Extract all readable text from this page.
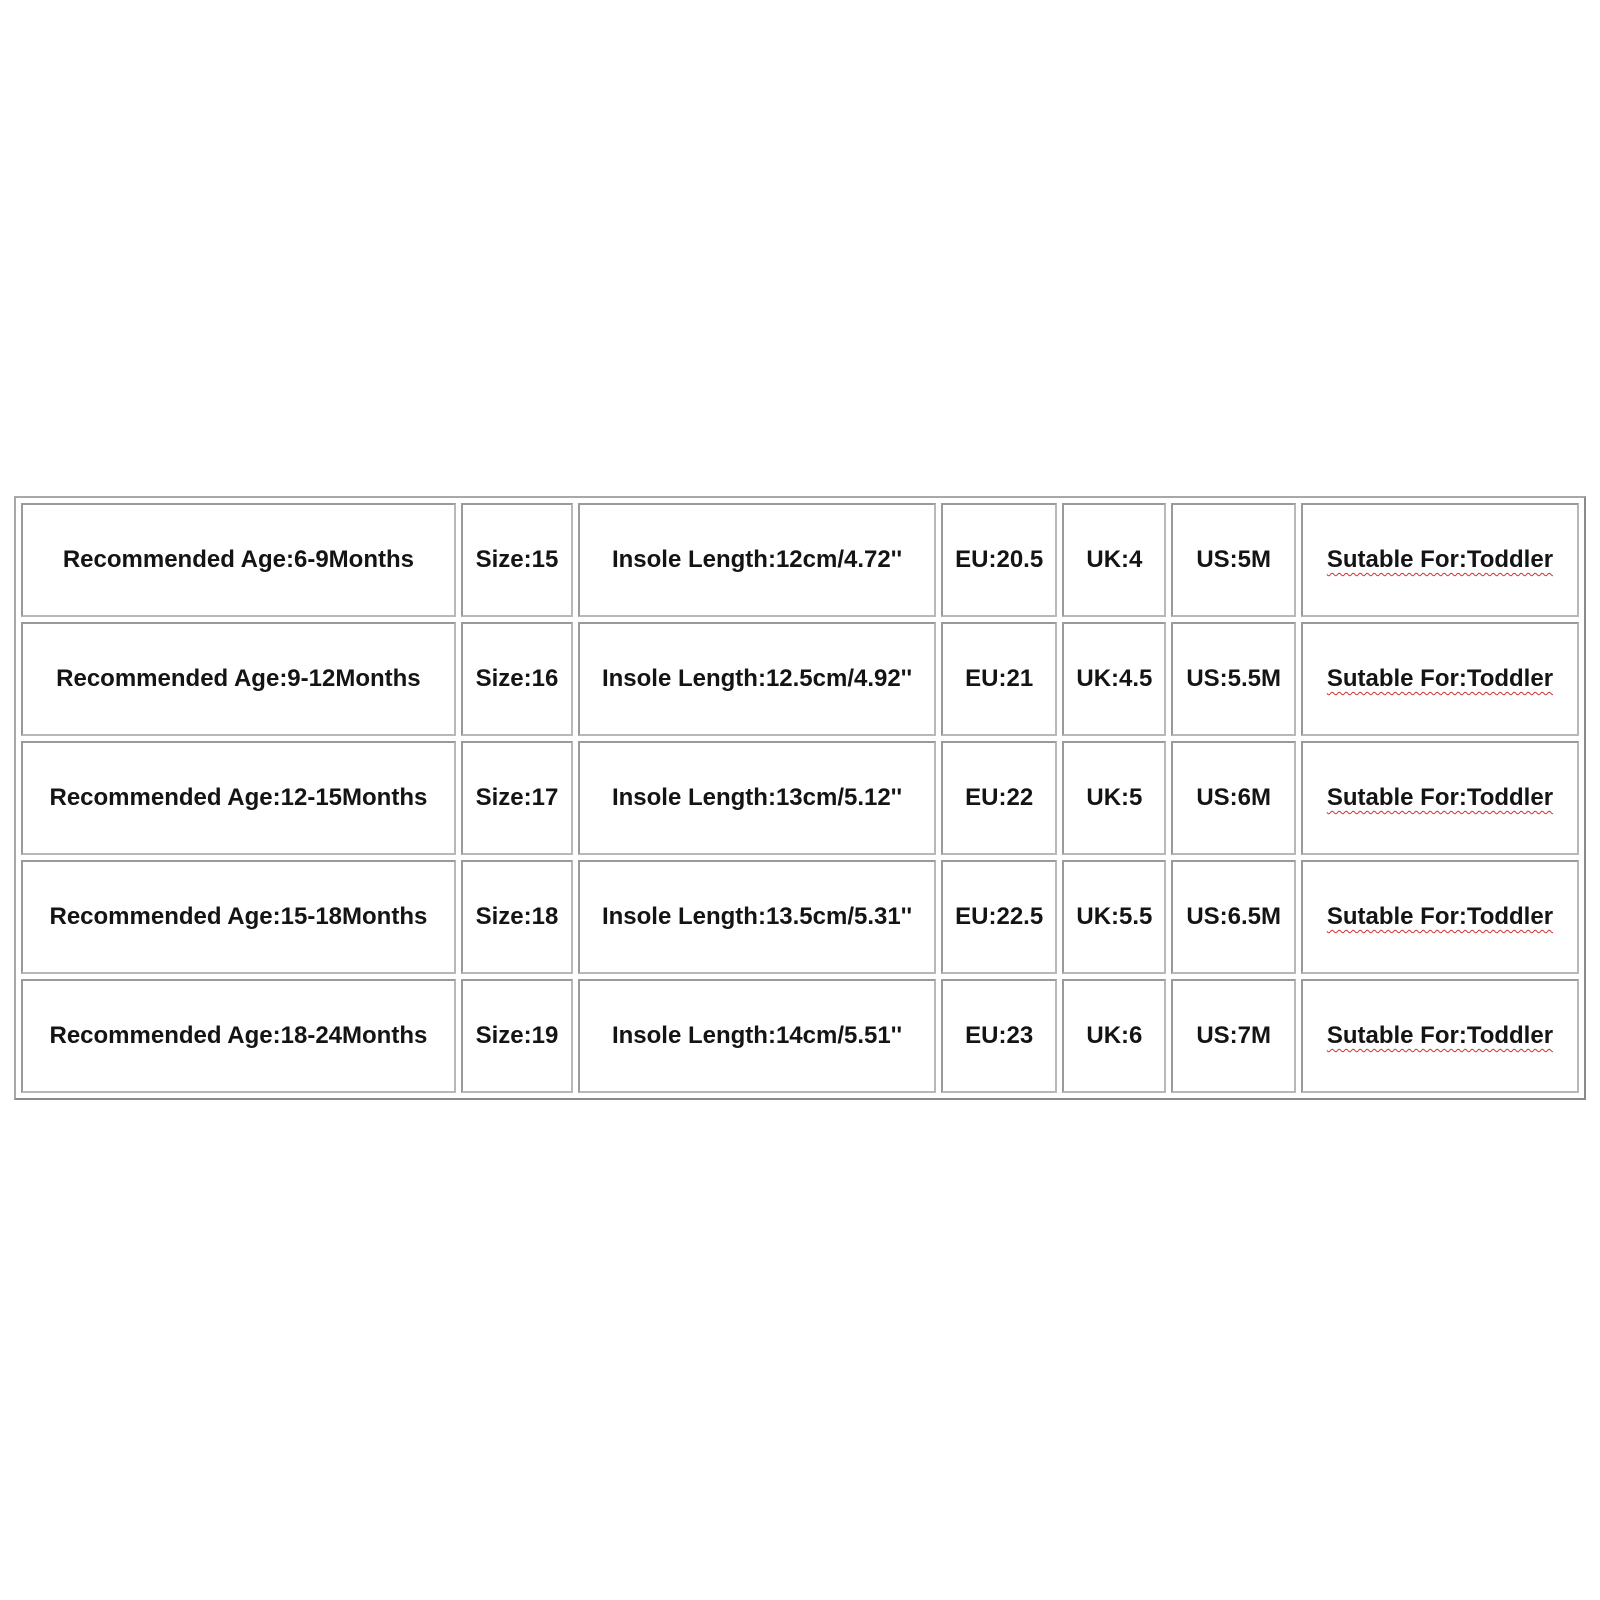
Recommended Age:6-9Months	Size:15	Insole Length:12cm/4.72''	EU:20.5	UK:4	US:5M	Sutable For:Toddler
Recommended Age:9-12Months	Size:16	Insole Length:12.5cm/4.92''	EU:21	UK:4.5	US:5.5M	Sutable For:Toddler
Recommended Age:12-15Months	Size:17	Insole Length:13cm/5.12''	EU:22	UK:5	US:6M	Sutable For:Toddler
Recommended Age:15-18Months	Size:18	Insole Length:13.5cm/5.31''	EU:22.5	UK:5.5	US:6.5M	Sutable For:Toddler
Recommended Age:18-24Months	Size:19	Insole Length:14cm/5.51''	EU:23	UK:6	US:7M	Sutable For:Toddler
